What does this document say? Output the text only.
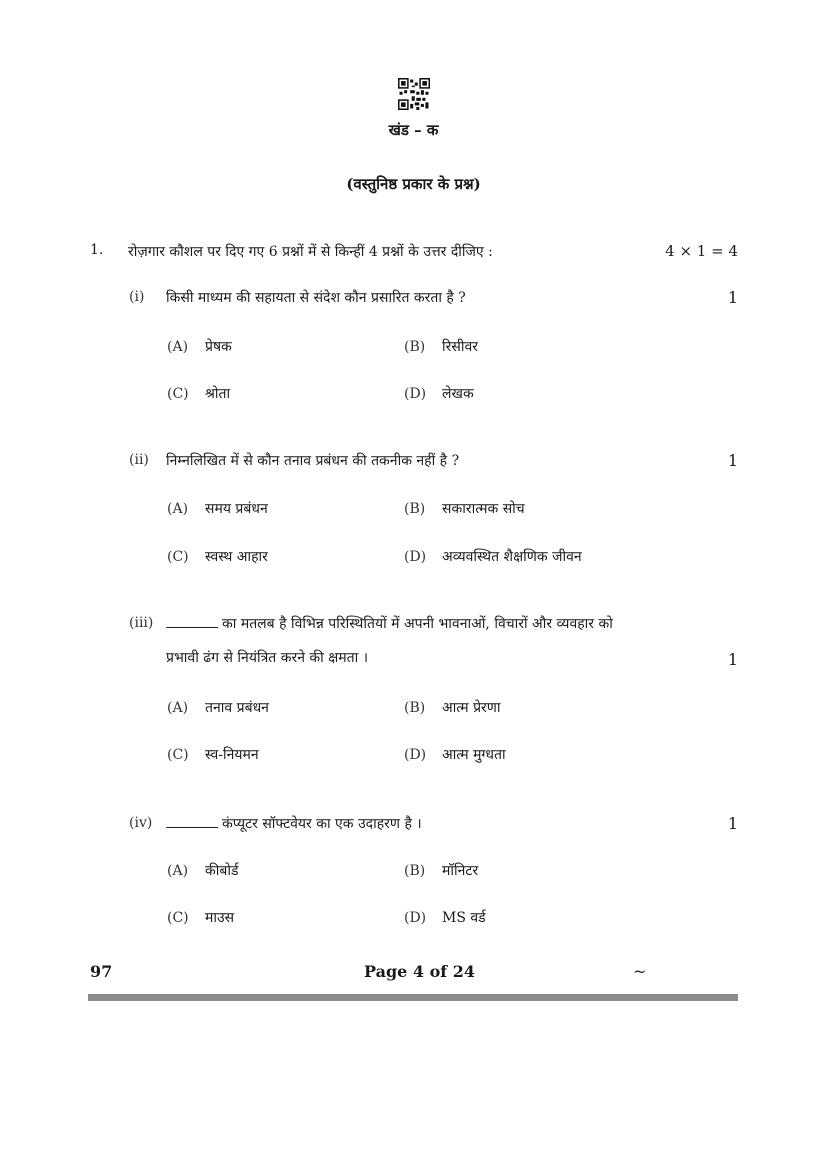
खंड – क
(वस्तुनिष्ठ प्रकार के प्रश्न)
1. रोज़गार कौशल पर दिए गए 6 प्रश्नों में से किन्हीं 4 प्रश्नों के उत्तर दीजिए :	4 × 1 = 4
(i) किसी माध्यम की सहायता से संदेश कौन प्रसारित करता है ?	1
(A) प्रेषक	(B) रिसीवर
(C) श्रोता	(D) लेखक
(ii) निम्नलिखित में से कौन तनाव प्रबंधन की तकनीक नहीं है ?	1
(A) समय प्रबंधन	(B) सकारात्मक सोच
(C) स्वस्थ आहार	(D) अव्यवस्थित शैक्षणिक जीवन
(iii)	का मतलब है विभिन्न परिस्थितियों में अपनी भावनाओं, विचारों और व्यवहार को
प्रभावी ढंग से नियंत्रित करने की क्षमता ।	1
(A) तनाव प्रबंधन	(B) आत्म प्रेरणा
(C) स्व-नियमन	(D) आत्म मुग्धता
(iv)	कंप्यूटर सॉफ्टवेयर का एक उदाहरण है ।	1
(A) कीबोर्ड	(B) मॉनिटर
(C) माउस	(D) MS वर्ड
97	Page 4 of 24	~
